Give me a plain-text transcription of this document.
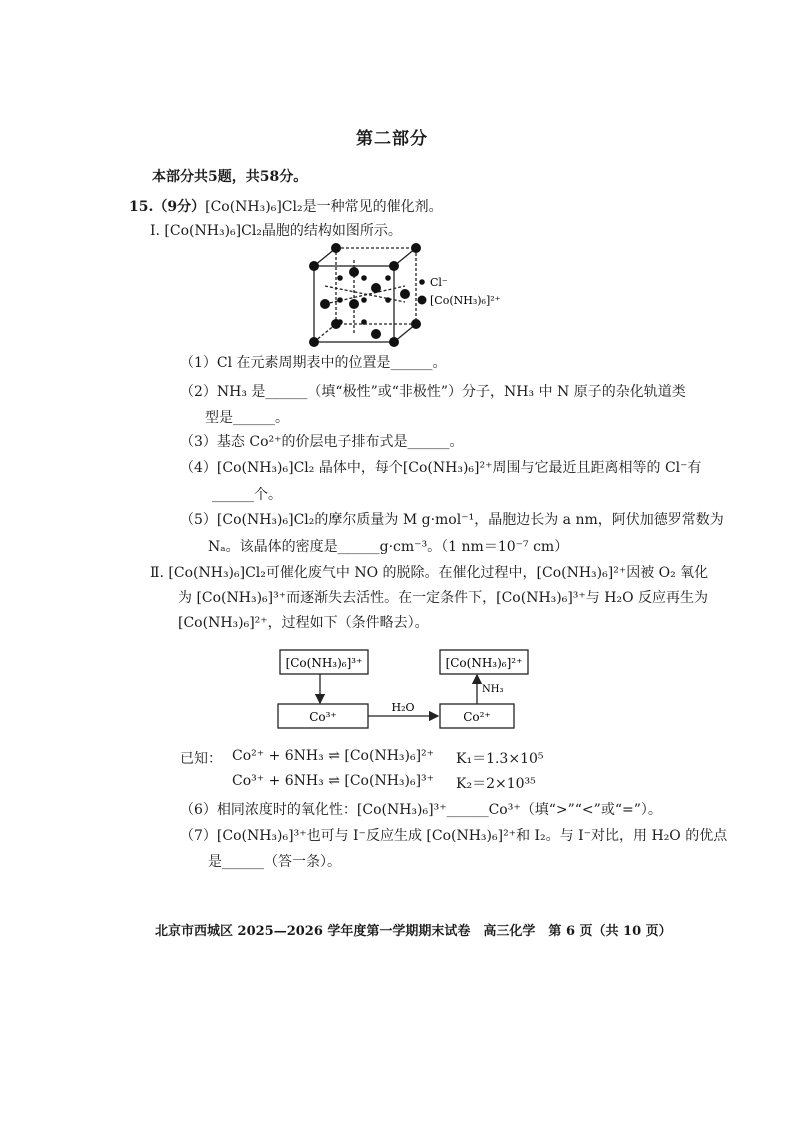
第二部分
本部分共5题，共58分。
15.（9分）[Co(NH₃)₆]Cl₂是一种常见的催化剂。
Ⅰ. [Co(NH₃)₆]Cl₂晶胞的结构如图所示。
Cl⁻
[Co(NH₃)₆]²⁺
（1）Cl 在元素周期表中的位置是______。
（2）NH₃ 是______（填“极性”或“非极性”）分子，NH₃ 中 N 原子的杂化轨道类
型是______。
（3）基态 Co²⁺的价层电子排布式是______。
（4）[Co(NH₃)₆]Cl₂ 晶体中，每个[Co(NH₃)₆]²⁺周围与它最近且距离相等的 Cl⁻有
______个。
（5）[Co(NH₃)₆]Cl₂的摩尔质量为 M g·mol⁻¹，晶胞边长为 a nm，阿伏加德罗常数为
Nₐ。该晶体的密度是______g·cm⁻³。（1 nm＝10⁻⁷ cm）
Ⅱ. [Co(NH₃)₆]Cl₂可催化废气中 NO 的脱除。在催化过程中，[Co(NH₃)₆]²⁺因被 O₂ 氧化
为 [Co(NH₃)₆]³⁺而逐渐失去活性。在一定条件下，[Co(NH₃)₆]³⁺与 H₂O 反应再生为
[Co(NH₃)₆]²⁺，过程如下（条件略去）。
[Co(NH₃)₆]³⁺	[Co(NH₃)₆]²⁺
Co³⁺	Co²⁺
H₂O
NH₃
已知： Co²⁺ + 6NH₃ ⇌ [Co(NH₃)₆]²⁺ K₁＝1.3×10⁵
Co³⁺ + 6NH₃ ⇌ [Co(NH₃)₆]³⁺ K₂＝2×10³⁵
（6）相同浓度时的氧化性：[Co(NH₃)₆]³⁺______Co³⁺（填“>”“<”或“=”）。
（7）[Co(NH₃)₆]³⁺也可与 I⁻反应生成 [Co(NH₃)₆]²⁺和 I₂。与 I⁻对比，用 H₂O 的优点
是______（答一条）。
北京市西城区 2025—2026 学年度第一学期期末试卷　高三化学　第 6 页（共 10 页）
